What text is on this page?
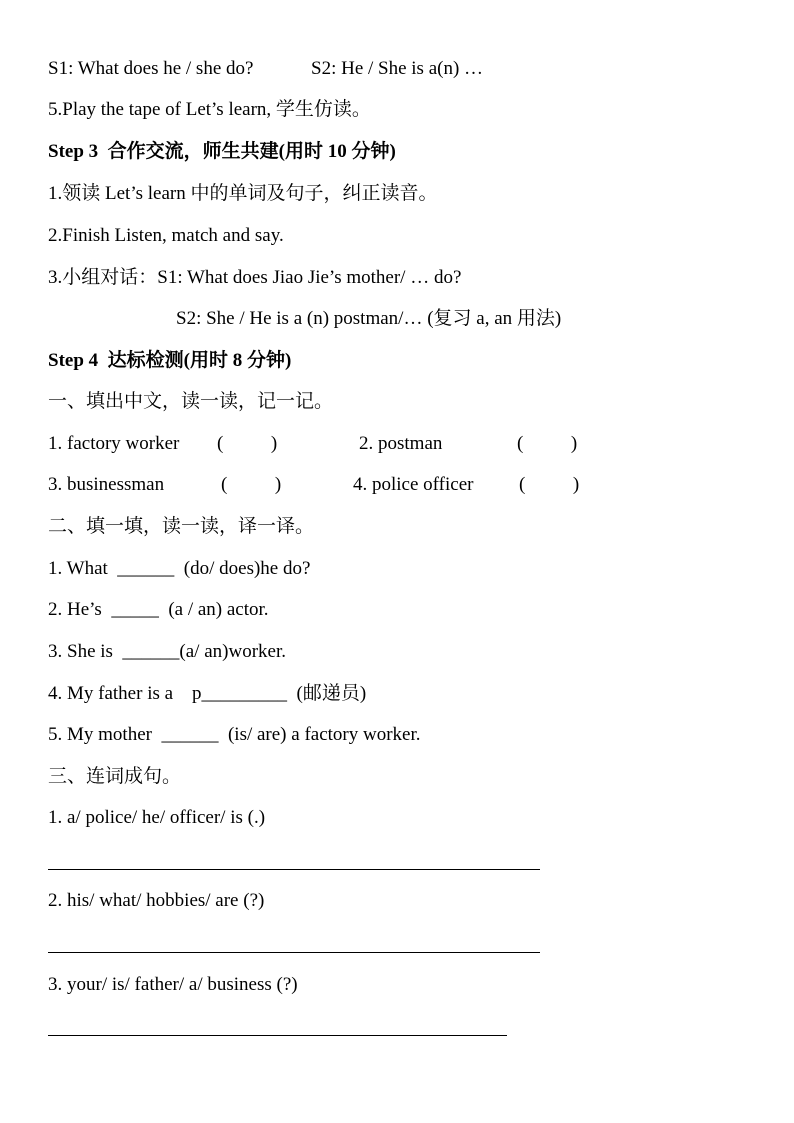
S1: What does he / she do?	S2: He / She is a(n) …
5.Play the tape of Let’s learn, 学生仿读。
Step 3  合作交流，师生共建(用时 10 分钟)
1.领读 Let’s learn 中的单词及句子，纠正读音。
2.Finish Listen, match and say.
3.小组对话：S1: What does Jiao Jie’s mother/ … do?
S2: She / He is a (n) postman/… (复习 a, an 用法)
Step 4  达标检测(用时 8 分钟)
一、填出中文，读一读，记一记。
1. factory worker (          )	2. postman	(          )
3. businessman	(          )	4. police officer (          )
二、填一填，读一读，译一译。
1. What  ______  (do/ does)he do?
2. He’s  _____  (a / an) actor.
3. She is  ______(a/ an)worker.
4. My father is a    p_________  (邮递员)
5. My mother  ______  (is/ are) a factory worker.
三、连词成句。
1. a/ police/ he/ officer/ is (.)
2. his/ what/ hobbies/ are (?)
3. your/ is/ father/ a/ business (?)
